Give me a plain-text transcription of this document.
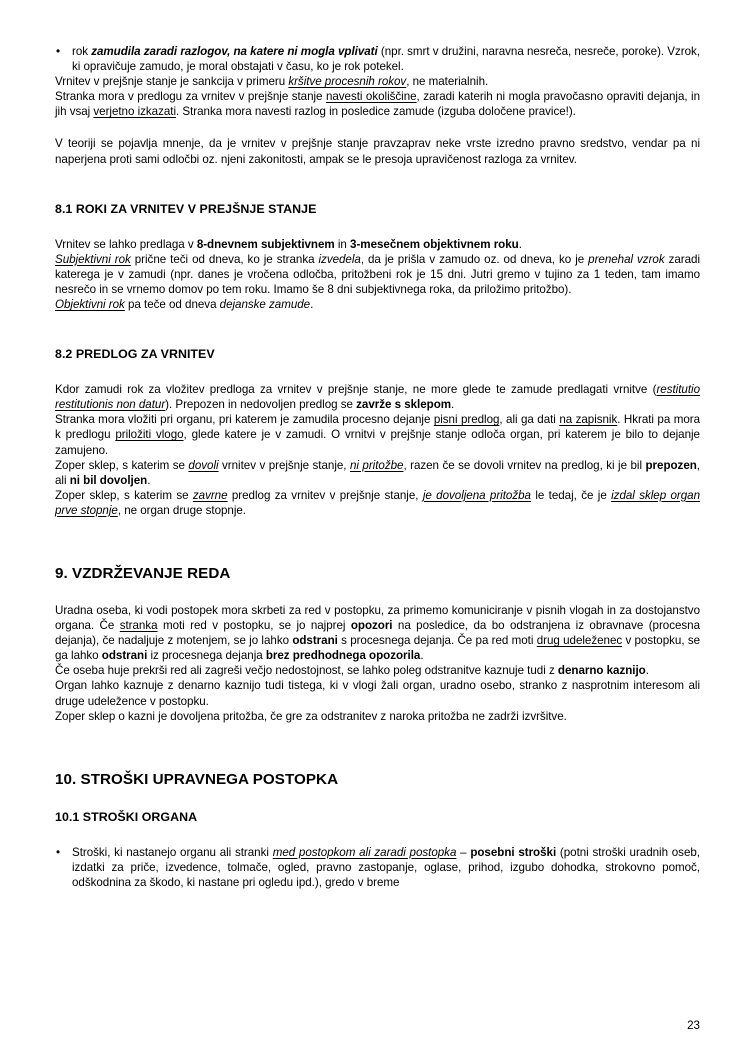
•	rok zamudila zaradi razlogov, na katere ni mogla vplivati (npr. smrt v družini, naravna nesreča, nesreče, poroke). Vzrok, ki opravičuje zamudo, je moral obstajati v času, ko je rok potekel.

Vrnitev v prejšnje stanje je sankcija v primeru kršitve procesnih rokov, ne materialnih.

Stranka mora v predlogu za vrnitev v prejšnje stanje navesti okoliščine, zaradi katerih ni mogla pravočasno opraviti dejanja, in jih vsaj verjetno izkazati. Stranka mora navesti razlog in posledice zamude (izguba določene pravice!).

V teoriji se pojavlja mnenje, da je vrnitev v prejšnje stanje pravzaprav neke vrste izredno pravno sredstvo, vendar pa ni naperjena proti sami odločbi oz. njeni zakonitosti, ampak se le presoja upravičenost razloga za vrnitev.

8.1 ROKI ZA VRNITEV V PREJŠNJE STANJE

Vrnitev se lahko predlaga v 8-dnevnem subjektivnem in 3-mesečnem objektivnem roku.

Subjektivni rok prične teči od dneva, ko je stranka izvedela, da je prišla v zamudo oz. od dneva, ko je prenehal vzrok zaradi katerega je v zamudi (npr. danes je vročena odločba, pritožbeni rok je 15 dni. Jutri gremo v tujino za 1 teden, tam imamo nesrečo in se vrnemo domov po tem roku. Imamo še 8 dni subjektivnega roka, da priložimo pritožbo).

Objektivni rok pa teče od dneva dejanske zamude.

8.2 PREDLOG ZA VRNITEV

Kdor zamudi rok za vložitev predloga za vrnitev v prejšnje stanje, ne more glede te zamude predlagati vrnitve (restitutio restitutionis non datur). Prepozen in nedovoljen predlog se zavrže s sklepom.

Stranka mora vložiti pri organu, pri katerem je zamudila procesno dejanje pisni predlog, ali ga dati na zapisnik. Hkrati pa mora k predlogu priložiti vlogo, glede katere je v zamudi. O vrnitvi v prejšnje stanje odloča organ, pri katerem je bilo to dejanje zamujeno.

Zoper sklep, s katerim se dovoli vrnitev v prejšnje stanje, ni pritožbe, razen če se dovoli vrnitev na predlog, ki je bil prepozen, ali ni bil dovoljen.

Zoper sklep, s katerim se zavrne predlog za vrnitev v prejšnje stanje, je dovoljena pritožba le tedaj, če je izdal sklep organ prve stopnje, ne organ druge stopnje.

9. VZDRŽEVANJE REDA

Uradna oseba, ki vodi postopek mora skrbeti za red v postopku, za primemo komuniciranje v pisnih vlogah in za dostojanstvo organa. Če stranka moti red v postopku, se jo najprej opozori na posledice, da bo odstranjena iz obravnave (procesna dejanja), če nadaljuje z motenjem, se jo lahko odstrani s procesnega dejanja. Če pa red moti drug udeleženec v postopku, se ga lahko odstrani iz procesnega dejanja brez predhodnega opozorila.

Če oseba huje prekrši red ali zagreši večjo nedostojnost, se lahko poleg odstranitve kaznuje tudi z denarno kaznijo.

Organ lahko kaznuje z denarno kaznijo tudi tistega, ki v vlogi žali organ, uradno osebo, stranko z nasprotnim interesom ali druge udeležence v postopku.

Zoper sklep o kazni je dovoljena pritožba, če gre za odstranitev z naroka pritožba ne zadrži izvršitve.

10. STROŠKI UPRAVNEGA POSTOPKA
10.1 STROŠKI ORGANA
•	Stroški, ki nastanejo organu ali stranki med postopkom ali zaradi postopka – posebni stroški (potni stroški uradnih oseb, izdatki za priče, izvedence, tolmače, ogled, pravno zastopanje, oglase, prihod, izgubo dohodka, strokovno pomoč, odškodnina za škodo, ki nastane pri ogledu ipd.), gredo v breme
23
